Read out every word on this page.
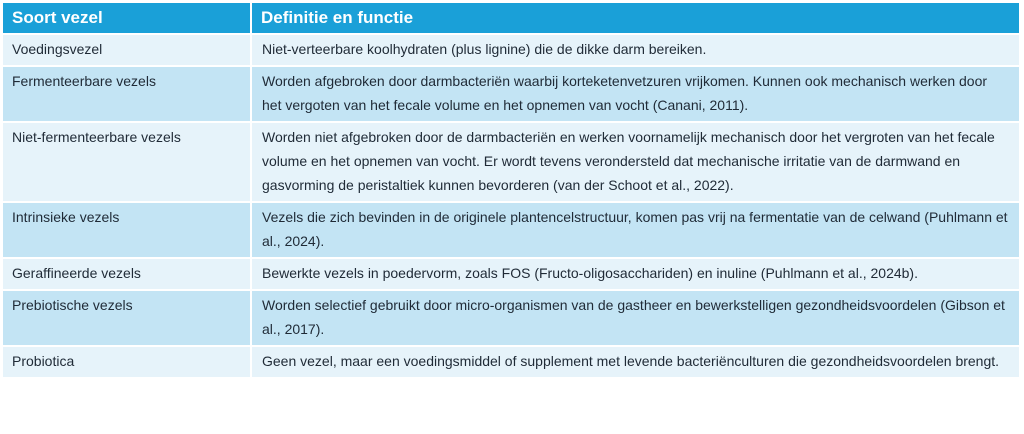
Soort vezel	Definitie en functie
Voedingsvezel	Niet-verteerbare koolhydraten (plus lignine) die de dikke darm bereiken.
Fermenteerbare vezels	Worden afgebroken door darmbacteriën waarbij korteketenvetzuren vrijkomen. Kunnen ook mechanisch werken door het vergoten van het fecale volume en het opnemen van vocht (Canani, 2011).
Niet-fermenteerbare vezels	Worden niet afgebroken door de darmbacteriën en werken voornamelijk mechanisch door het vergroten van het fecale volume en het opnemen van vocht. Er wordt tevens verondersteld dat mechanische irritatie van de darmwand en gasvorming de peristaltiek kunnen bevorderen (van der Schoot et al., 2022).
Intrinsieke vezels	Vezels die zich bevinden in de originele plantencelstructuur, komen pas vrij na fermentatie van de celwand (Puhlmann et al., 2024).
Geraffineerde vezels	Bewerkte vezels in poedervorm, zoals FOS (Fructo-oligosacchariden) en inuline (Puhlmann et al., 2024b).
Prebiotische vezels	Worden selectief gebruikt door micro-organismen van de gastheer en bewerkstelligen gezondheidsvoordelen (Gibson et al., 2017).
Probiotica	Geen vezel, maar een voedingsmiddel of supplement met levende bacteriënculturen die gezondheidsvoordelen brengt.
